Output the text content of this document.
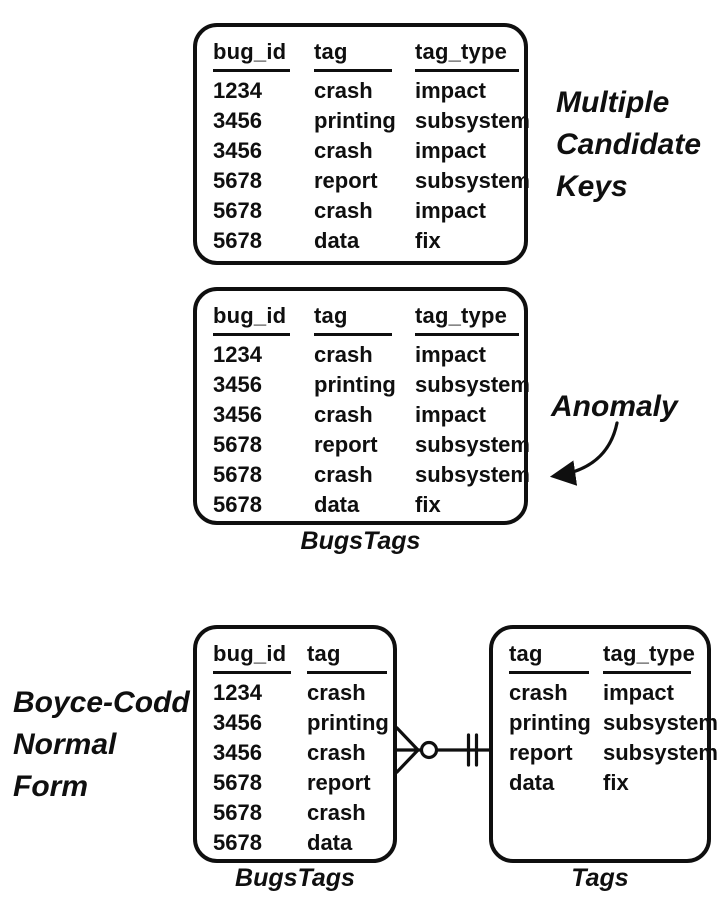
bug_id
1234
3456
3456
5678
5678
5678
tag
crash
printing
crash
report
crash
data
tag_type
impact
subsystem
impact
subsystem
impact
fix
Multiple
Candidate
Keys
bug_id
1234
3456
3456
5678
5678
5678
tag
crash
printing
crash
report
crash
data
tag_type
impact
subsystem
impact
subsystem
subsystem
fix
BugsTags
Anomaly
Boyce-Codd
Normal
Form
bug_id
1234
3456
3456
5678
5678
5678
tag
crash
printing
crash
report
crash
data
BugsTags
tag
crash
printing
report
data
tag_type
impact
subsystem
subsystem
fix
Tags
